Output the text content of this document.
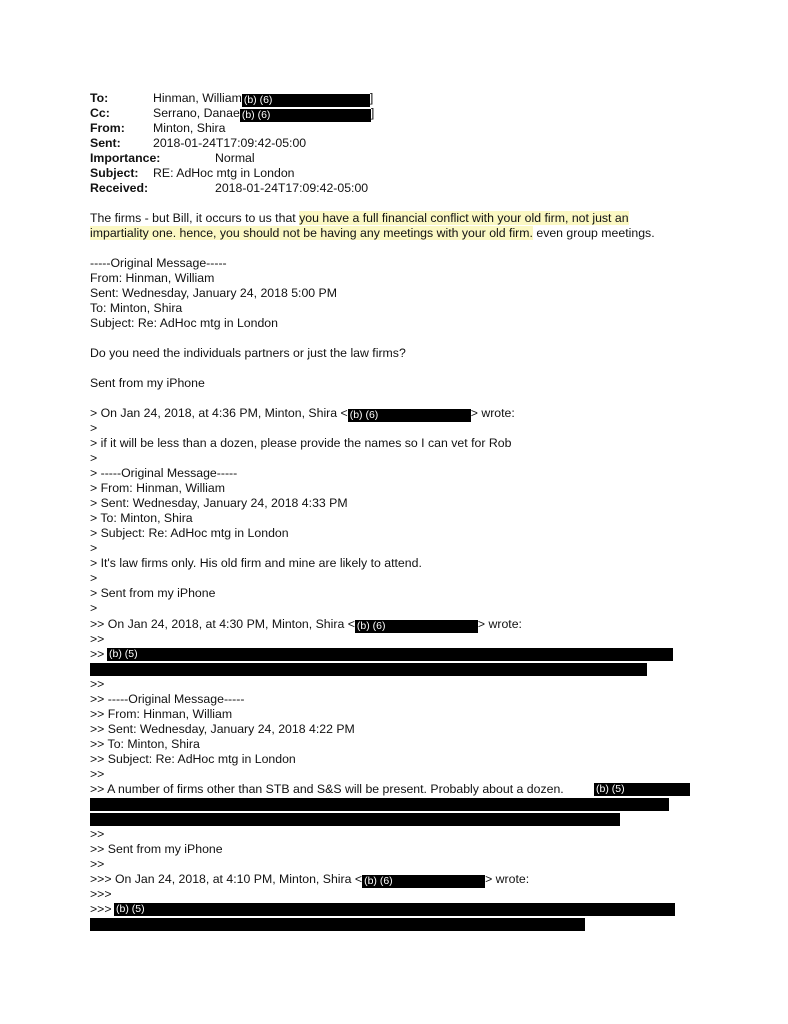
To:	Hinman, William (b) (6)	]
Cc:	Serrano, Danae (b) (6)	]
From: Minton, Shira
Sent:	2018-01-24T17:09:42-05:00
Importance:	Normal
Subject: RE: AdHoc mtg in London
Received:	2018-01-24T17:09:42-05:00
The firms - but Bill, it occurs to us that you have a full financial conflict with your old firm, not just an
impartiality one. hence, you should not be having any meetings with your old firm. even group meetings.
-----Original Message-----
From: Hinman, William
Sent: Wednesday, January 24, 2018 5:00 PM
To: Minton, Shira
Subject: Re: AdHoc mtg in London
Do you need the individuals partners or just the law firms?
Sent from my iPhone
> On Jan 24, 2018, at 4:36 PM, Minton, Shira < (b) (6)	> wrote:
>
> if it will be less than a dozen, please provide the names so I can vet for Rob
>
> -----Original Message-----
> From: Hinman, William
> Sent: Wednesday, January 24, 2018 4:33 PM
> To: Minton, Shira
> Subject: Re: AdHoc mtg in London
>
> It's law firms only. His old firm and mine are likely to attend.
>
> Sent from my iPhone
>
>> On Jan 24, 2018, at 4:30 PM, Minton, Shira < (b) (6)	> wrote:
>>
>> (b) (5)
>>
>> -----Original Message-----
>> From: Hinman, William
>> Sent: Wednesday, January 24, 2018 4:22 PM
>> To: Minton, Shira
>> Subject: Re: AdHoc mtg in London
>>
>> A number of firms other than STB and S&S will be present. Probably about a dozen.	(b) (5)
>>
>> Sent from my iPhone
>>
>>> On Jan 24, 2018, at 4:10 PM, Minton, Shira < (b) (6)	> wrote:
>>>
>>> (b) (5)
